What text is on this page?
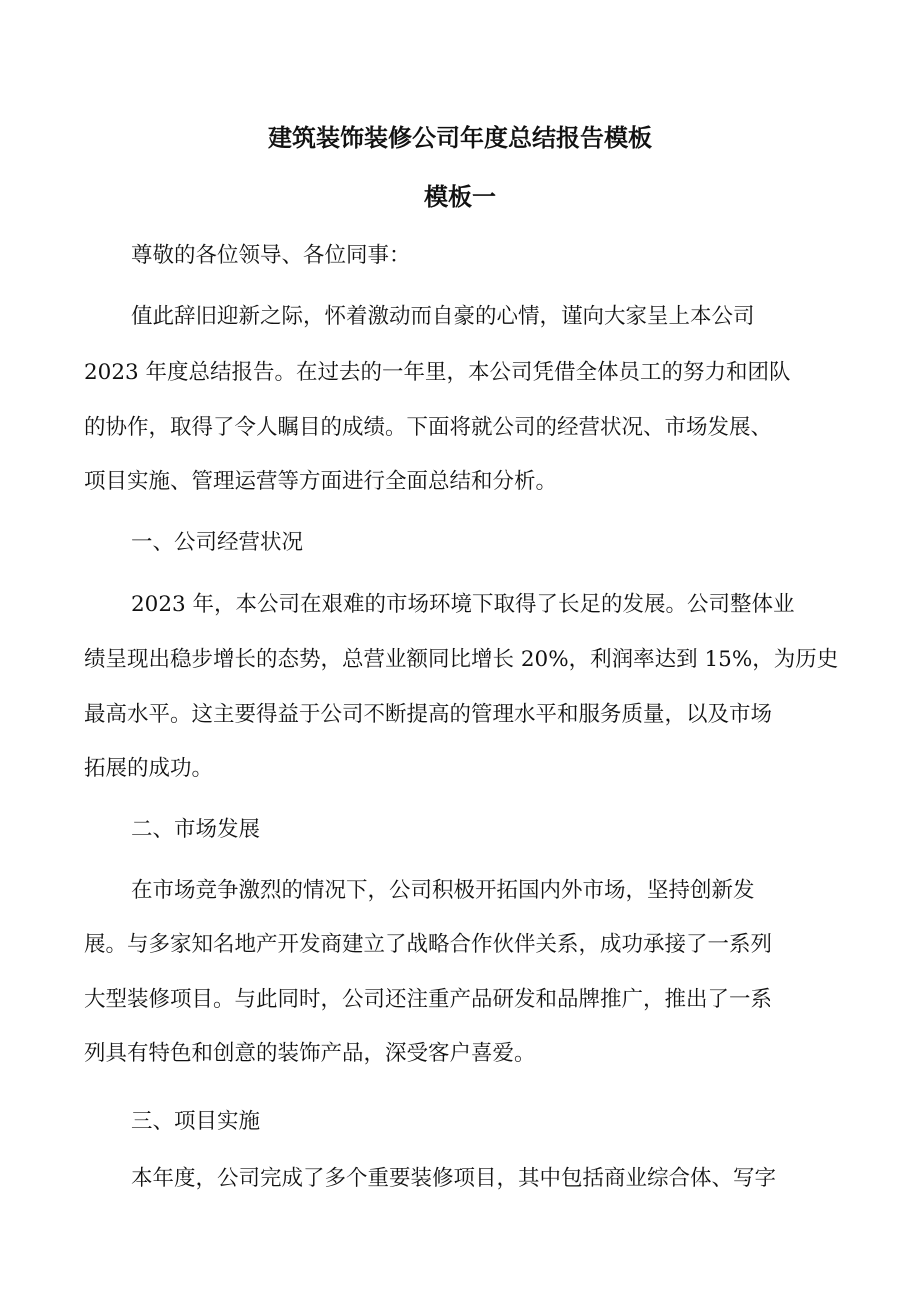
建筑装饰装修公司年度总结报告模板
模板一
尊敬的各位领导、各位同事：
值此辞旧迎新之际，怀着激动而自豪的心情，谨向大家呈上本公司
2023 年度总结报告。在过去的一年里，本公司凭借全体员工的努力和团队
的协作，取得了令人瞩目的成绩。下面将就公司的经营状况、市场发展、
项目实施、管理运营等方面进行全面总结和分析。
一、公司经营状况
2023 年，本公司在艰难的市场环境下取得了长足的发展。公司整体业
绩呈现出稳步增长的态势，总营业额同比增长 20%，利润率达到 15%，为历史
最高水平。这主要得益于公司不断提高的管理水平和服务质量，以及市场
拓展的成功。
二、市场发展
在市场竞争激烈的情况下，公司积极开拓国内外市场，坚持创新发
展。与多家知名地产开发商建立了战略合作伙伴关系，成功承接了一系列
大型装修项目。与此同时，公司还注重产品研发和品牌推广，推出了一系
列具有特色和创意的装饰产品，深受客户喜爱。
三、项目实施
本年度，公司完成了多个重要装修项目，其中包括商业综合体、写字
